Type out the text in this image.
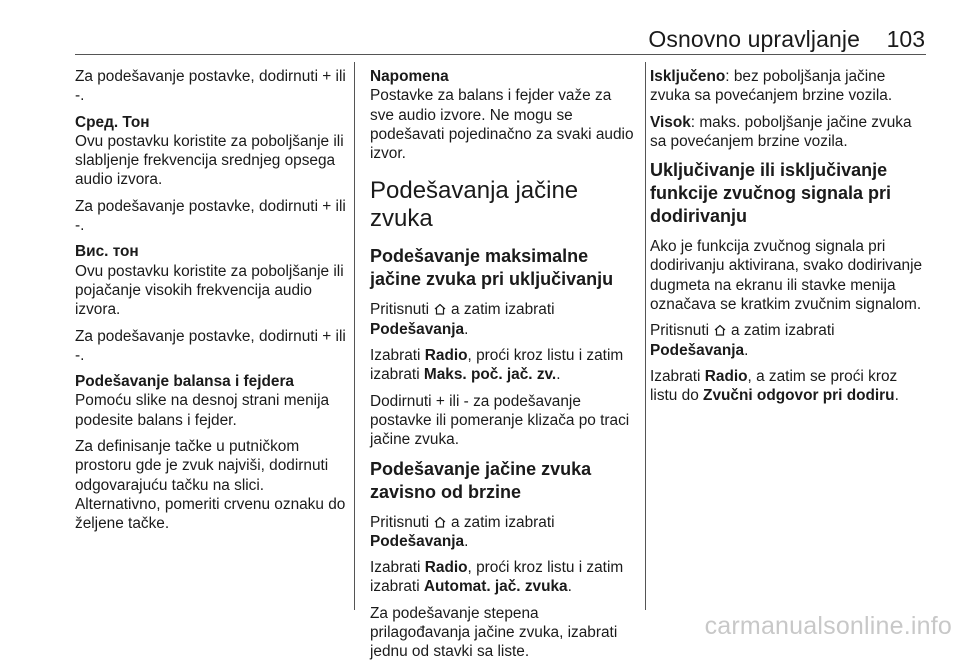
Osnovno upravljanje	103

Za podešavanje postavke, dodirnuti + ili -.

Сред. Тон

Ovu postavku koristite za poboljšanje ili slabljenje frekvencija srednjeg opsega audio izvora.

Za podešavanje postavke, dodirnuti + ili -.

Вис. тон

Ovu postavku koristite za poboljšanje ili pojačanje visokih frekvencija audio izvora.

Za podešavanje postavke, dodirnuti + ili -.

Podešavanje balansa i fejdera

Pomoću slike na desnoj strani menija podesite balans i fejder.

Za definisanje tačke u putničkom prostoru gde je zvuk najviši, dodirnuti odgovarajuću tačku na slici. Alternativno, pomeriti crvenu oznaku do željene tačke.

Napomena

Postavke za balans i fejder važe za sve audio izvore. Ne mogu se podešavati pojedinačno za svaki audio izvor.

Podešavanja jačine zvuka
Podešavanje maksimalne jačine zvuka pri uključivanju

Pritisnuti a zatim izabrati Podešavanja.

Izabrati Radio, proći kroz listu i zatim izabrati Maks. poč. jač. zv..

Dodirnuti + ili - za podešavanje postavke ili pomeranje klizača po traci jačine zvuka.

Podešavanje jačine zvuka zavisno od brzine

Pritisnuti a zatim izabrati Podešavanja.

Izabrati Radio, proći kroz listu i zatim izabrati Automat. jač. zvuka.

Za podešavanje stepena prilagođavanja jačine zvuka, izabrati jednu od stavki sa liste.

Isključeno: bez poboljšanja jačine zvuka sa povećanjem brzine vozila.

Visok: maks. poboljšanje jačine zvuka sa povećanjem brzine vozila.

Uključivanje ili isključivanje funkcije zvučnog signala pri dodirivanju

Ako je funkcija zvučnog signala pri dodirivanju aktivirana, svako dodirivanje dugmeta na ekranu ili stavke menija označava se kratkim zvučnim signalom.

Pritisnuti a zatim izabrati Podešavanja.

Izabrati Radio, a zatim se proći kroz listu do Zvučni odgovor pri dodiru.

carmanualsonline.info
